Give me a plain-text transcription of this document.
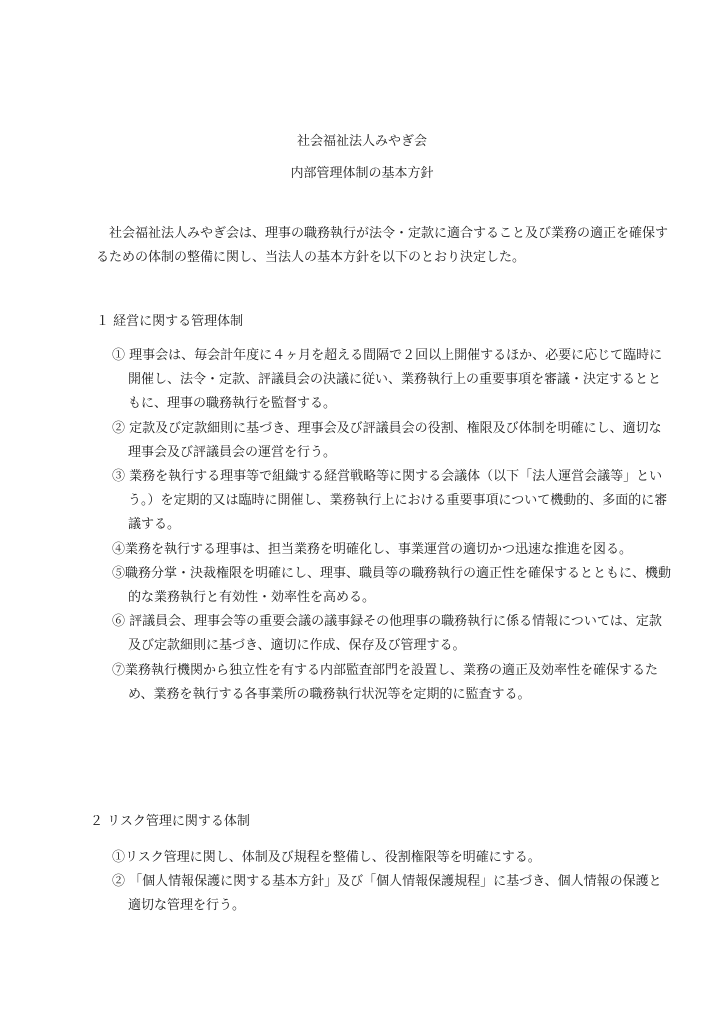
社会福祉法人みやぎ会
内部管理体制の基本方針

社会福祉法人みやぎ会は、理事の職務執行が法令・定款に適合すること及び業務の適正を確保するための体制の整備に関し、当法人の基本方針を以下のとおり決定した。

１ 経営に関する管理体制
① 理事会は、毎会計年度に４ヶ月を超える間隔で２回以上開催するほか、必要に応じて臨時に開催し、法令・定款、評議員会の決議に従い、業務執行上の重要事項を審議・決定するとともに、理事の職務執行を監督する。
② 定款及び定款細則に基づき、理事会及び評議員会の役割、権限及び体制を明確にし、適切な理事会及び評議員会の運営を行う。
③ 業務を執行する理事等で組織する経営戦略等に関する会議体（以下「法人運営会議等」という。）を定期的又は臨時に開催し、業務執行上における重要事項について機動的、多面的に審議する。
④業務を執行する理事は、担当業務を明確化し、事業運営の適切かつ迅速な推進を図る。
⑤職務分掌・決裁権限を明確にし、理事、職員等の職務執行の適正性を確保するとともに、機動的な業務執行と有効性・効率性を高める。
⑥ 評議員会、理事会等の重要会議の議事録その他理事の職務執行に係る情報については、定款及び定款細則に基づき、適切に作成、保存及び管理する。
⑦業務執行機関から独立性を有する内部監査部門を設置し、業務の適正及効率性を確保するため、業務を執行する各事業所の職務執行状況等を定期的に監査する。
２ リスク管理に関する体制
①リスク管理に関し、体制及び規程を整備し、役割権限等を明確にする。
② 「個人情報保護に関する基本方針」及び「個人情報保護規程」に基づき、個人情報の保護と適切な管理を行う。
